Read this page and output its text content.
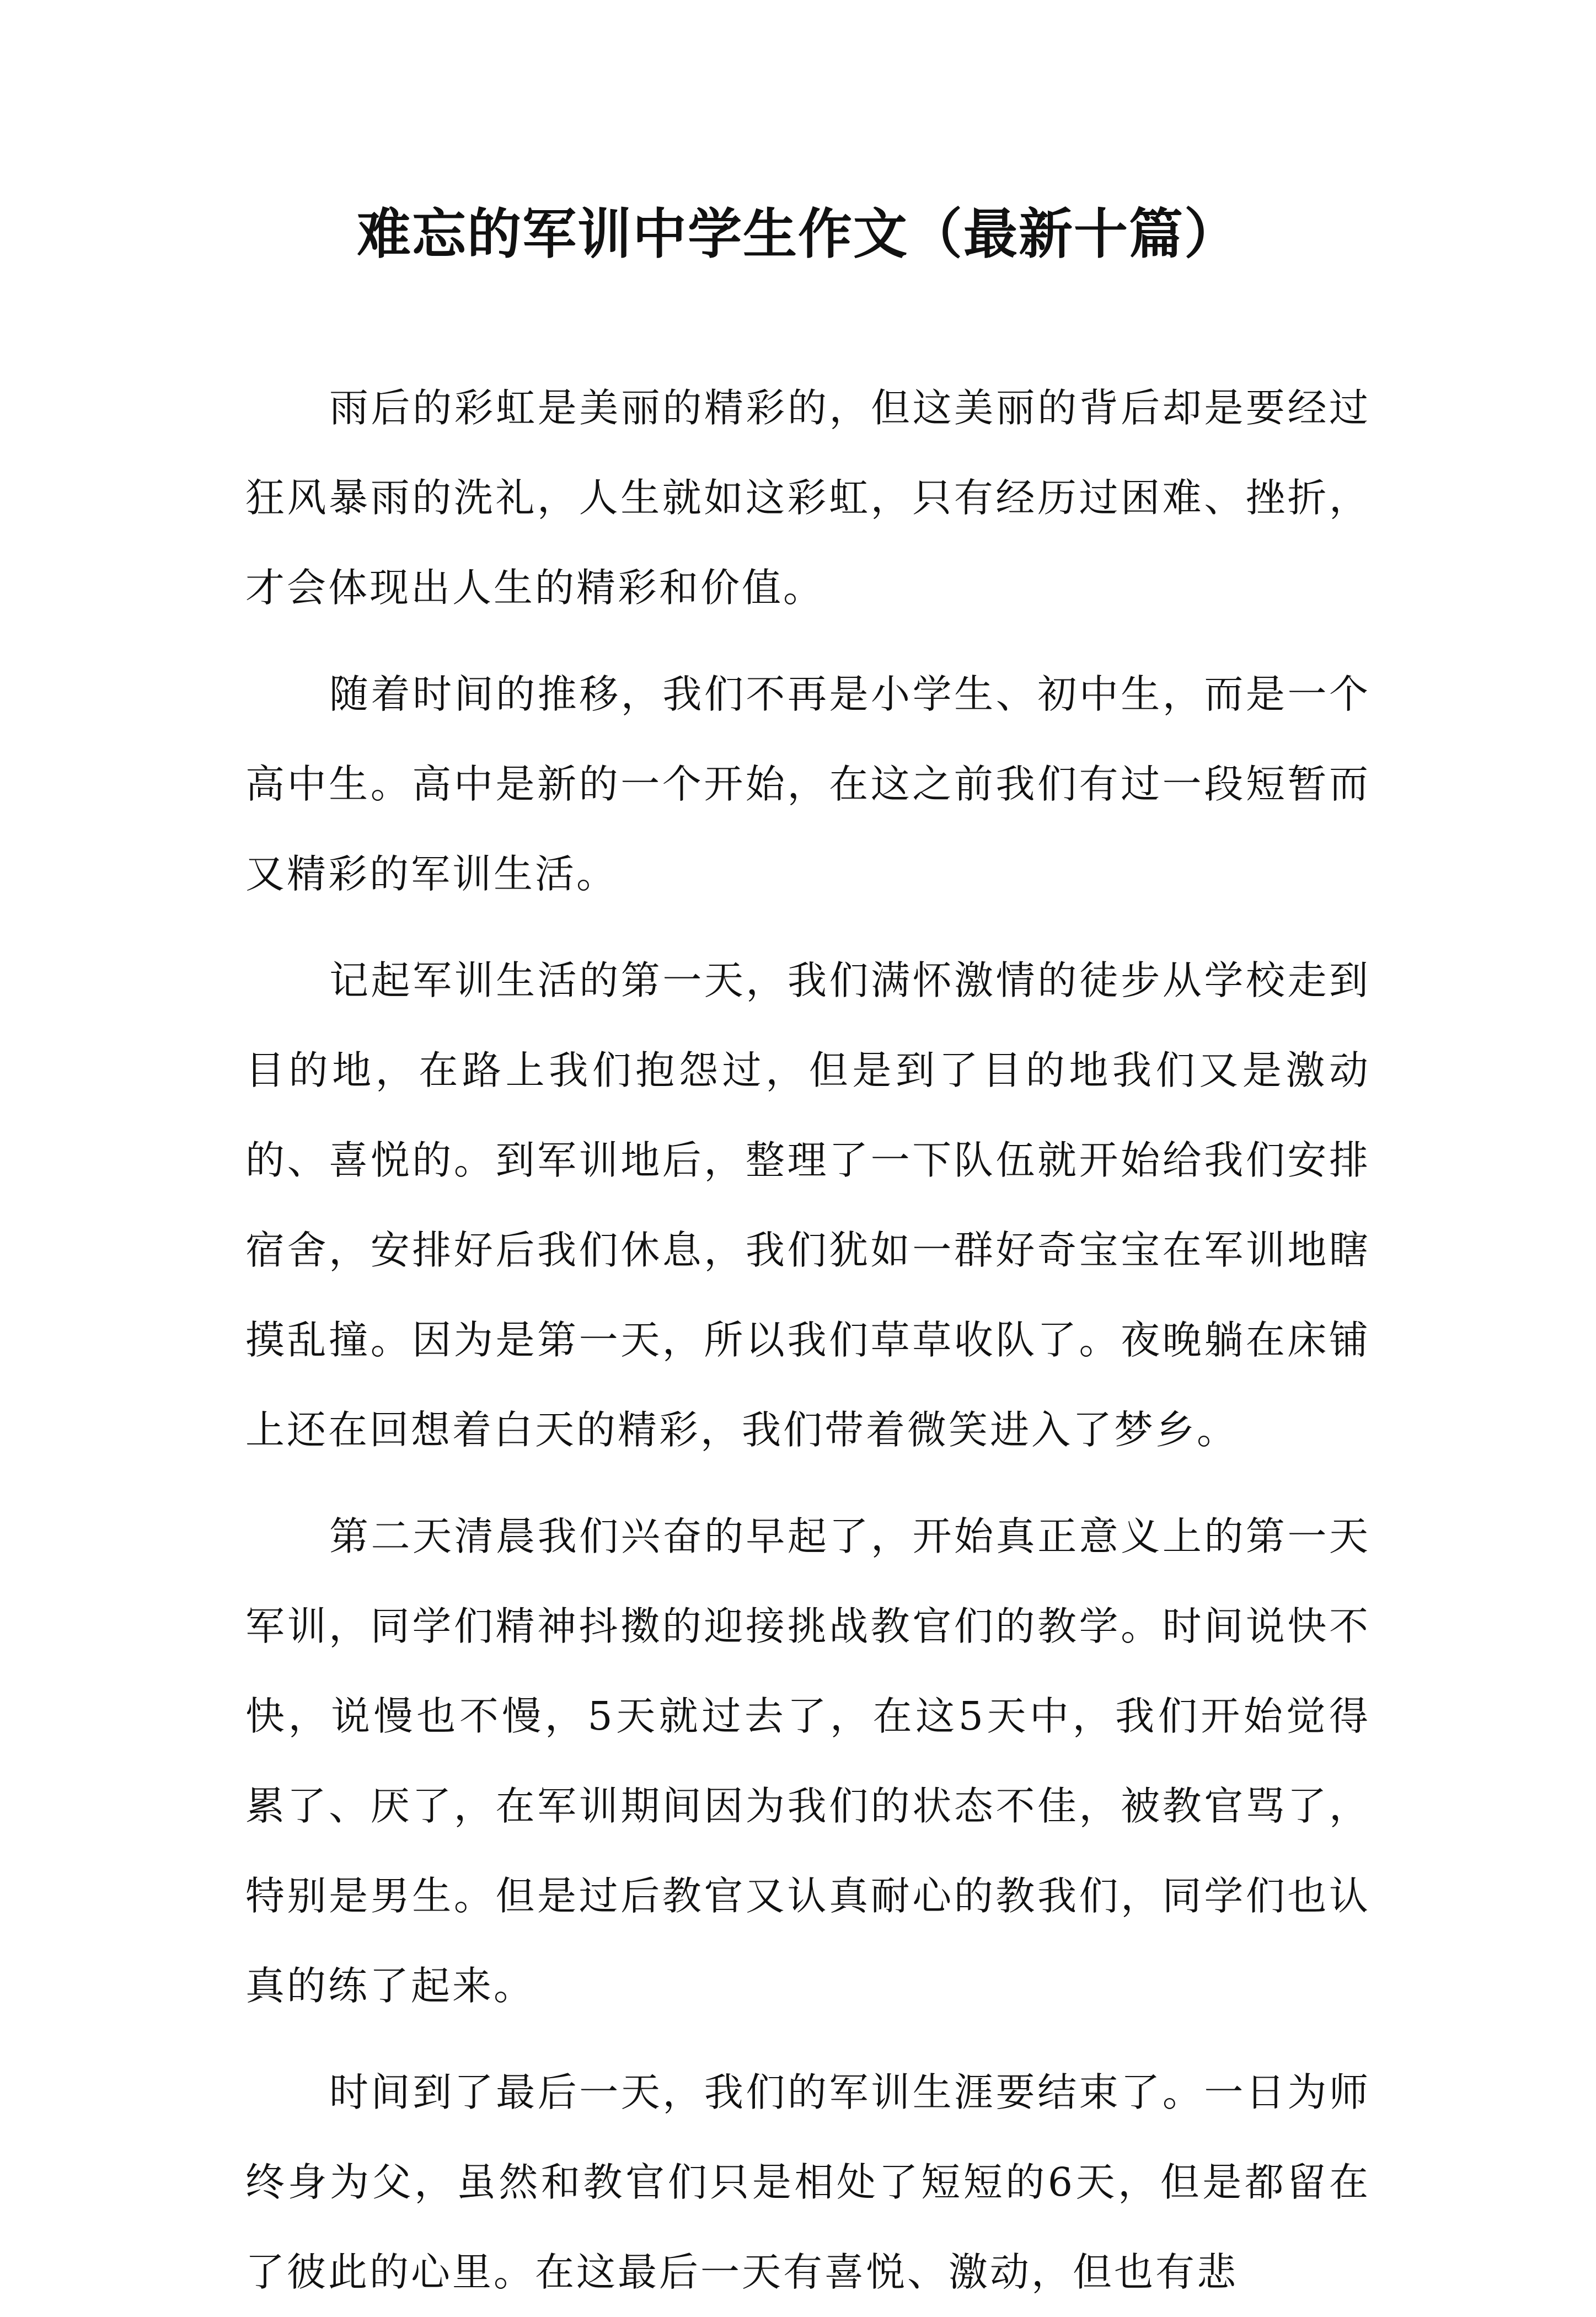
难忘的军训中学生作文（最新十篇）

雨后的彩虹是美丽的精彩的，但这美丽的背后却是要经过狂风暴雨的洗礼，人生就如这彩虹，只有经历过困难、挫折，才会体现出人生的精彩和价值。

随着时间的推移，我们不再是小学生、初中生，而是一个高中生。高中是新的一个开始，在这之前我们有过一段短暂而又精彩的军训生活。

记起军训生活的第一天，我们满怀激情的徒步从学校走到目的地，在路上我们抱怨过，但是到了目的地我们又是激动的、喜悦的。到军训地后，整理了一下队伍就开始给我们安排宿舍，安排好后我们休息，我们犹如一群好奇宝宝在军训地瞎摸乱撞。因为是第一天，所以我们草草收队了。夜晚躺在床铺上还在回想着白天的精彩，我们带着微笑进入了梦乡。

第二天清晨我们兴奋的早起了，开始真正意义上的第一天军训，同学们精神抖擞的迎接挑战教官们的教学。时间说快不快，说慢也不慢，5天就过去了，在这5天中，我们开始觉得累了、厌了，在军训期间因为我们的状态不佳，被教官骂了，特别是男生。但是过后教官又认真耐心的教我们，同学们也认真的练了起来。

时间到了最后一天，我们的军训生涯要结束了。一日为师终身为父，虽然和教官们只是相处了短短的6天，但是都留在了彼此的心里。在这最后一天有喜悦、激动，但也有悲
